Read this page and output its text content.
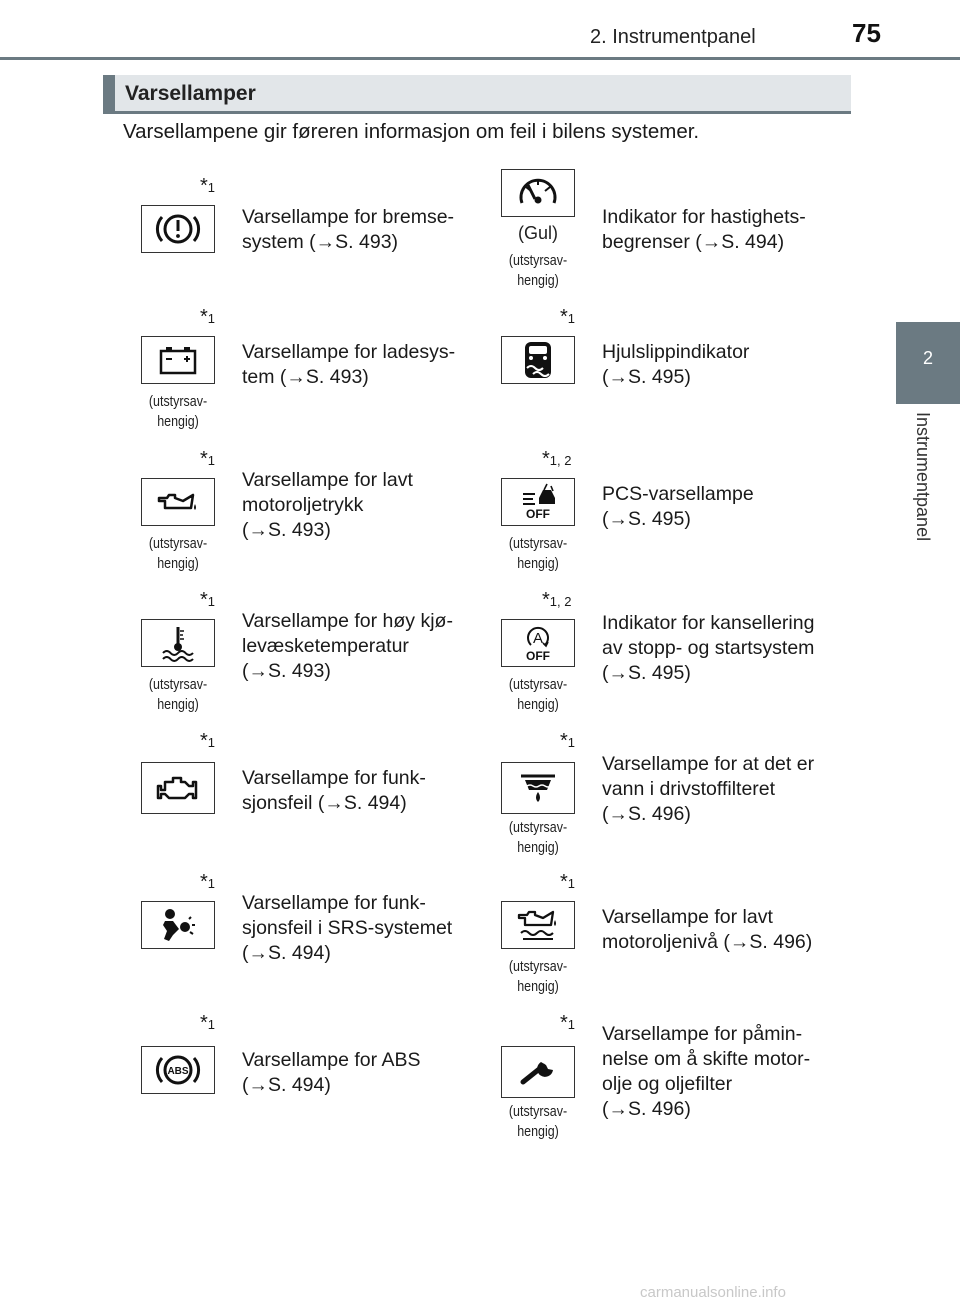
2. Instrumentpanel	75
2
Instrumentpanel
Varsellamper
Varsellampene gir føreren informasjon om feil i bilens systemer.
*1
Varsellampe for bremse-
system (→S. 493)	(Gul)
(utstyrsav-
hengig)
Indikator for hastighets-
begrenser (→S. 494)
*1
(utstyrsav-
hengig)
Varsellampe for ladesys-
tem (→S. 493)
*1
Hjulslippindikator
(→S. 495)
*1
(utstyrsav-
hengig)
Varsellampe for lavt
motoroljetrykk
(→S. 493)
*1, 2
OFF
(utstyrsav-
hengig)
PCS-varsellampe
(→S. 495)
*1
(utstyrsav-
hengig)
Varsellampe for høy kjø-
levæsketemperatur
(→S. 493)
*1, 2
A
OFF
(utstyrsav-
hengig)
Indikator for kansellering
av stopp- og startsystem
(→S. 495)
*1
Varsellampe for funk-
sjonsfeil (→S. 494)
*1
(utstyrsav-
hengig)
Varsellampe for at det er
vann i drivstoffilteret
(→S. 496)
*1
Varsellampe for funk-
sjonsfeil i SRS-systemet
(→S. 494)
*1
(utstyrsav-
hengig)
Varsellampe for lavt
motoroljenivå (→S. 496)
*1
ABS
Varsellampe for ABS
(→S. 494)
*1
(utstyrsav-
hengig)
Varsellampe for påmin-
nelse om å skifte motor-
olje og oljefilter
(→S. 496)
carmanualsonline.info
